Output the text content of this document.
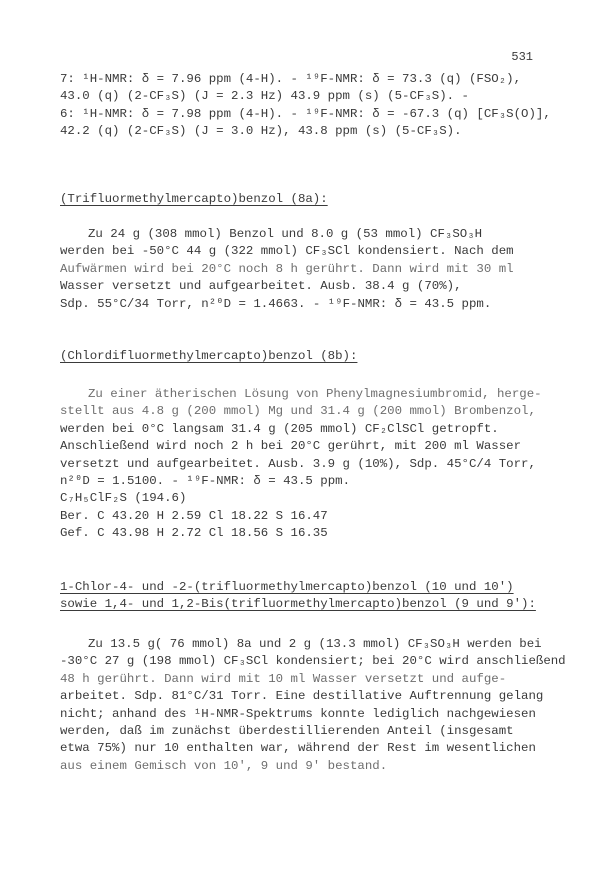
531
7: ¹H-NMR: δ = 7.96 ppm (4-H). - ¹⁹F-NMR: δ = 73.3 (q) (FSO₂),
43.0 (q) (2-CF₃S) (J = 2.3 Hz) 43.9 ppm (s) (5-CF₃S). -
6: ¹H-NMR: δ = 7.98 ppm (4-H). - ¹⁹F-NMR: δ = -67.3 (q) [CF₃S(O)],
42.2 (q) (2-CF₃S) (J = 3.0 Hz), 43.8 ppm (s) (5-CF₃S).
(Trifluormethylmercapto)benzol (8a):
Zu 24 g (308 mmol) Benzol und 8.0 g (53 mmol) CF₃SO₃H
werden bei -50°C 44 g (322 mmol) CF₃SCl kondensiert. Nach dem
Aufwärmen wird bei 20°C noch 8 h gerührt. Dann wird mit 30 ml
Wasser versetzt und aufgearbeitet. Ausb. 38.4 g (70%),
Sdp. 55°C/34 Torr, n²⁰D = 1.4663. - ¹⁹F-NMR: δ = 43.5 ppm.
(Chlordifluormethylmercapto)benzol (8b):
Zu einer ätherischen Lösung von Phenylmagnesiumbromid, herge-
stellt aus 4.8 g (200 mmol) Mg und 31.4 g (200 mmol) Brombenzol,
werden bei 0°C langsam 31.4 g (205 mmol) CF₂ClSCl getropft.
Anschließend wird noch 2 h bei 20°C gerührt, mit 200 ml Wasser
versetzt und aufgearbeitet. Ausb. 3.9 g (10%), Sdp. 45°C/4 Torr,
n²⁰D = 1.5100. - ¹⁹F-NMR: δ = 43.5 ppm.
C₇H₅ClF₂S (194.6)
Ber. C 43.20 H 2.59 Cl 18.22 S 16.47
Gef. C 43.98 H 2.72 Cl 18.56 S 16.35
1-Chlor-4- und -2-(trifluormethylmercapto)benzol (10 und 10')
sowie 1,4- und 1,2-Bis(trifluormethylmercapto)benzol (9 und 9'):
Zu 13.5 g( 76 mmol) 8a und 2 g (13.3 mmol) CF₃SO₃H werden bei
-30°C 27 g (198 mmol) CF₃SCl kondensiert; bei 20°C wird anschließend
48 h gerührt. Dann wird mit 10 ml Wasser versetzt und aufge-
arbeitet. Sdp. 81°C/31 Torr. Eine destillative Auftrennung gelang
nicht; anhand des ¹H-NMR-Spektrums konnte lediglich nachgewiesen
werden, daß im zunächst überdestillierenden Anteil (insgesamt
etwa 75%) nur 10 enthalten war, während der Rest im wesentlichen
aus einem Gemisch von 10', 9 und 9' bestand.
